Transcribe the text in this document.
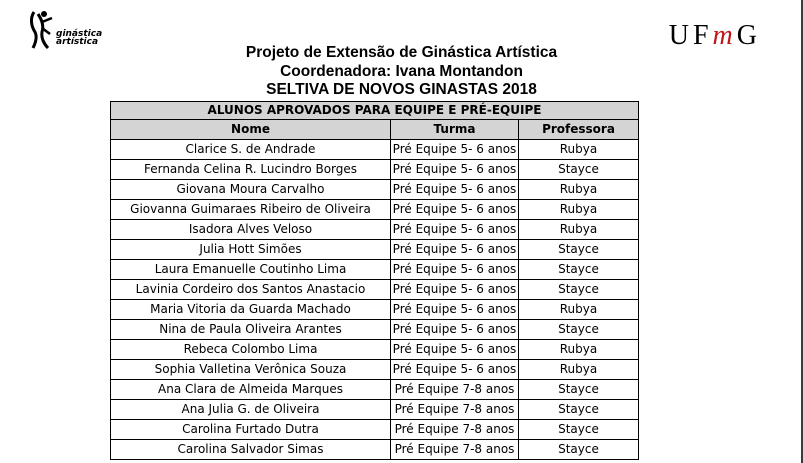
ginástica
artística	UFmG
Projeto de Extensão de Ginástica Artística
Coordenadora: Ivana Montandon
SELTIVA DE NOVOS GINASTAS 2018
ALUNOS APROVADOS PARA EQUIPE E PRÉ-EQUIPE		
Nome	Turma	Professora
Clarice S. de Andrade	Pré Equipe 5- 6 anos	Rubya
Fernanda Celina R. Lucindro Borges	Pré Equipe 5- 6 anos	Stayce
Giovana Moura Carvalho	Pré Equipe 5- 6 anos	Rubya
Giovanna Guimaraes Ribeiro de Oliveira	Pré Equipe 5- 6 anos	Rubya
Isadora Alves Veloso	Pré Equipe 5- 6 anos	Rubya
Julia Hott Simões	Pré Equipe 5- 6 anos	Stayce
Laura Emanuelle Coutinho Lima	Pré Equipe 5- 6 anos	Stayce
Lavinia Cordeiro dos Santos Anastacio	Pré Equipe 5- 6 anos	Stayce
Maria Vitoria da Guarda Machado	Pré Equipe 5- 6 anos	Rubya
Nina de Paula Oliveira Arantes	Pré Equipe 5- 6 anos	Stayce
Rebeca Colombo Lima	Pré Equipe 5- 6 anos	Rubya
Sophia Valletina Verônica Souza	Pré Equipe 5- 6 anos	Rubya
Ana Clara de Almeida Marques	Pré Equipe 7-8 anos	Stayce
Ana Julia G. de Oliveira	Pré Equipe 7-8 anos	Stayce
Carolina Furtado Dutra	Pré Equipe 7-8 anos	Stayce
Carolina Salvador Simas	Pré Equipe 7-8 anos	Stayce
